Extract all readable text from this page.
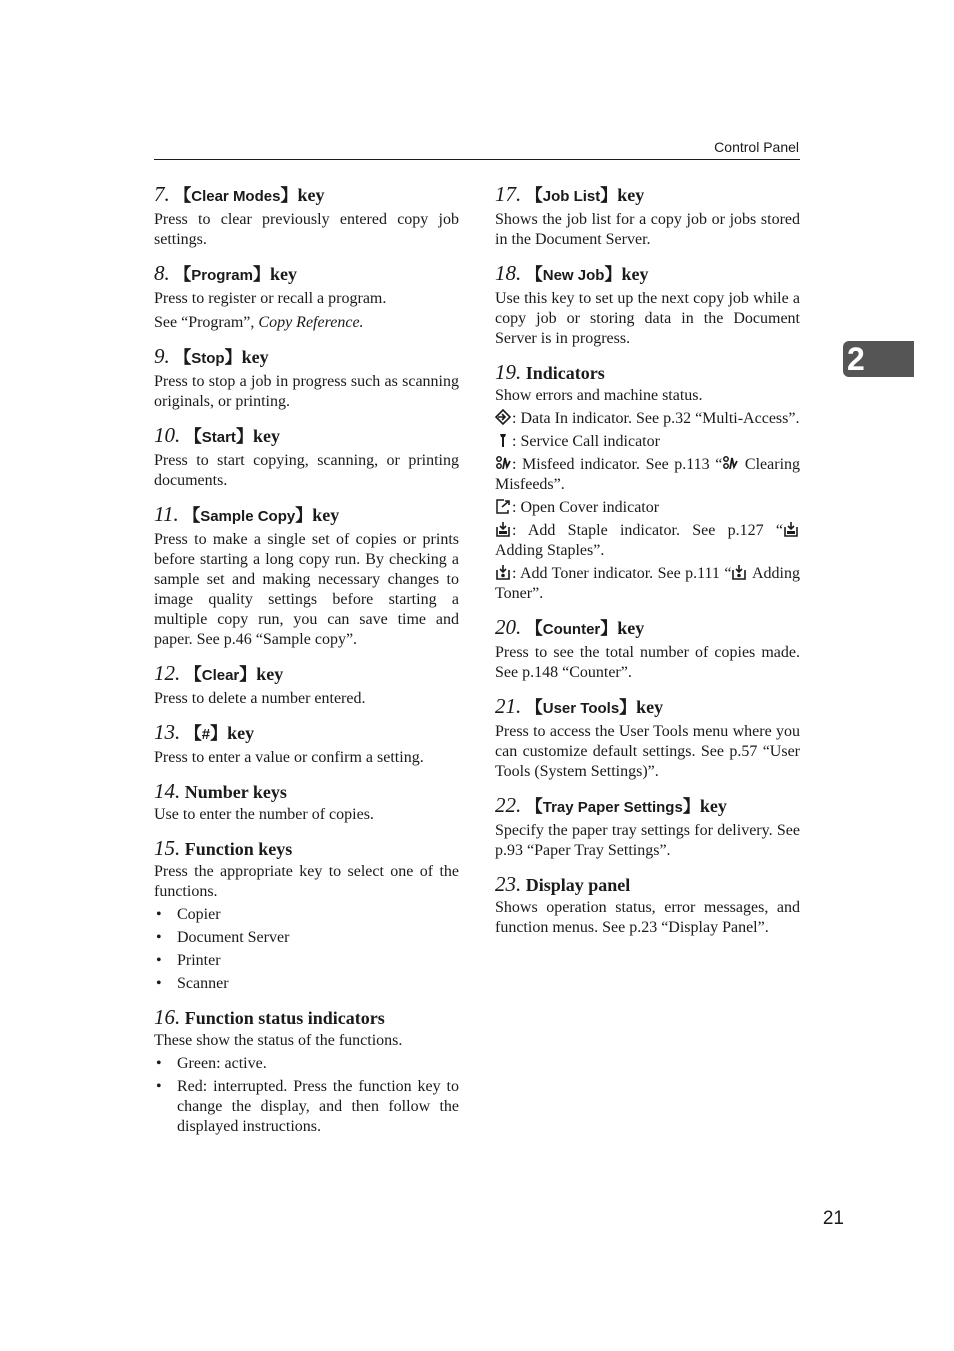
Control Panel
2
7. 【Clear Modes】key

Press to clear previously entered copy job settings.

8. 【Program】key

Press to register or recall a program.

See “Program”, Copy Reference.

9. 【Stop】key

Press to stop a job in progress such as scanning originals, or printing.

10. 【Start】key

Press to start copying, scanning, or printing documents.

11. 【Sample Copy】key

Press to make a single set of copies or prints before starting a long copy run. By checking a sample set and making necessary changes to image quality settings before starting a multiple copy run, you can save time and paper. See p.46 “Sample copy”.

12. 【Clear】key

Press to delete a number entered.

13. 【#】key

Press to enter a value or confirm a setting.

14. Number keys

Use to enter the number of copies.

15. Function keys

Press the appropriate key to select one of the functions.

• Copier
• Document Server
• Printer
• Scanner
16. Function status indicators

These show the status of the functions.

• Green: active.
• Red: interrupted. Press the function key to change the display, and then follow the displayed instructions.
17. 【Job List】key

Shows the job list for a copy job or jobs stored in the Document Server.

18. 【New Job】key

Use this key to set up the next copy job while a copy job or storing data in the Document Server is in progress.

19. Indicators

Show errors and machine status.

: Data In indicator. See p.32 “Multi-Access”.

: Service Call indicator

: Misfeed indicator. See p.113 “
Clearing Misfeeds”.

: Open Cover indicator

: Add Staple indicator. See p.127 “
Adding Staples”.

: Add Toner indicator. See p.111 “
Adding Toner”.

20. 【Counter】key

Press to see the total number of copies made. See p.148 “Counter”.

21. 【User Tools】key

Press to access the User Tools menu where you can customize default settings. See p.57 “User Tools (System Settings)”.

22. 【Tray Paper Settings】key

Specify the paper tray settings for delivery. See p.93 “Paper Tray Settings”.

23. Display panel

Shows operation status, error messages, and function menus. See p.23 “Display Panel”.

21
